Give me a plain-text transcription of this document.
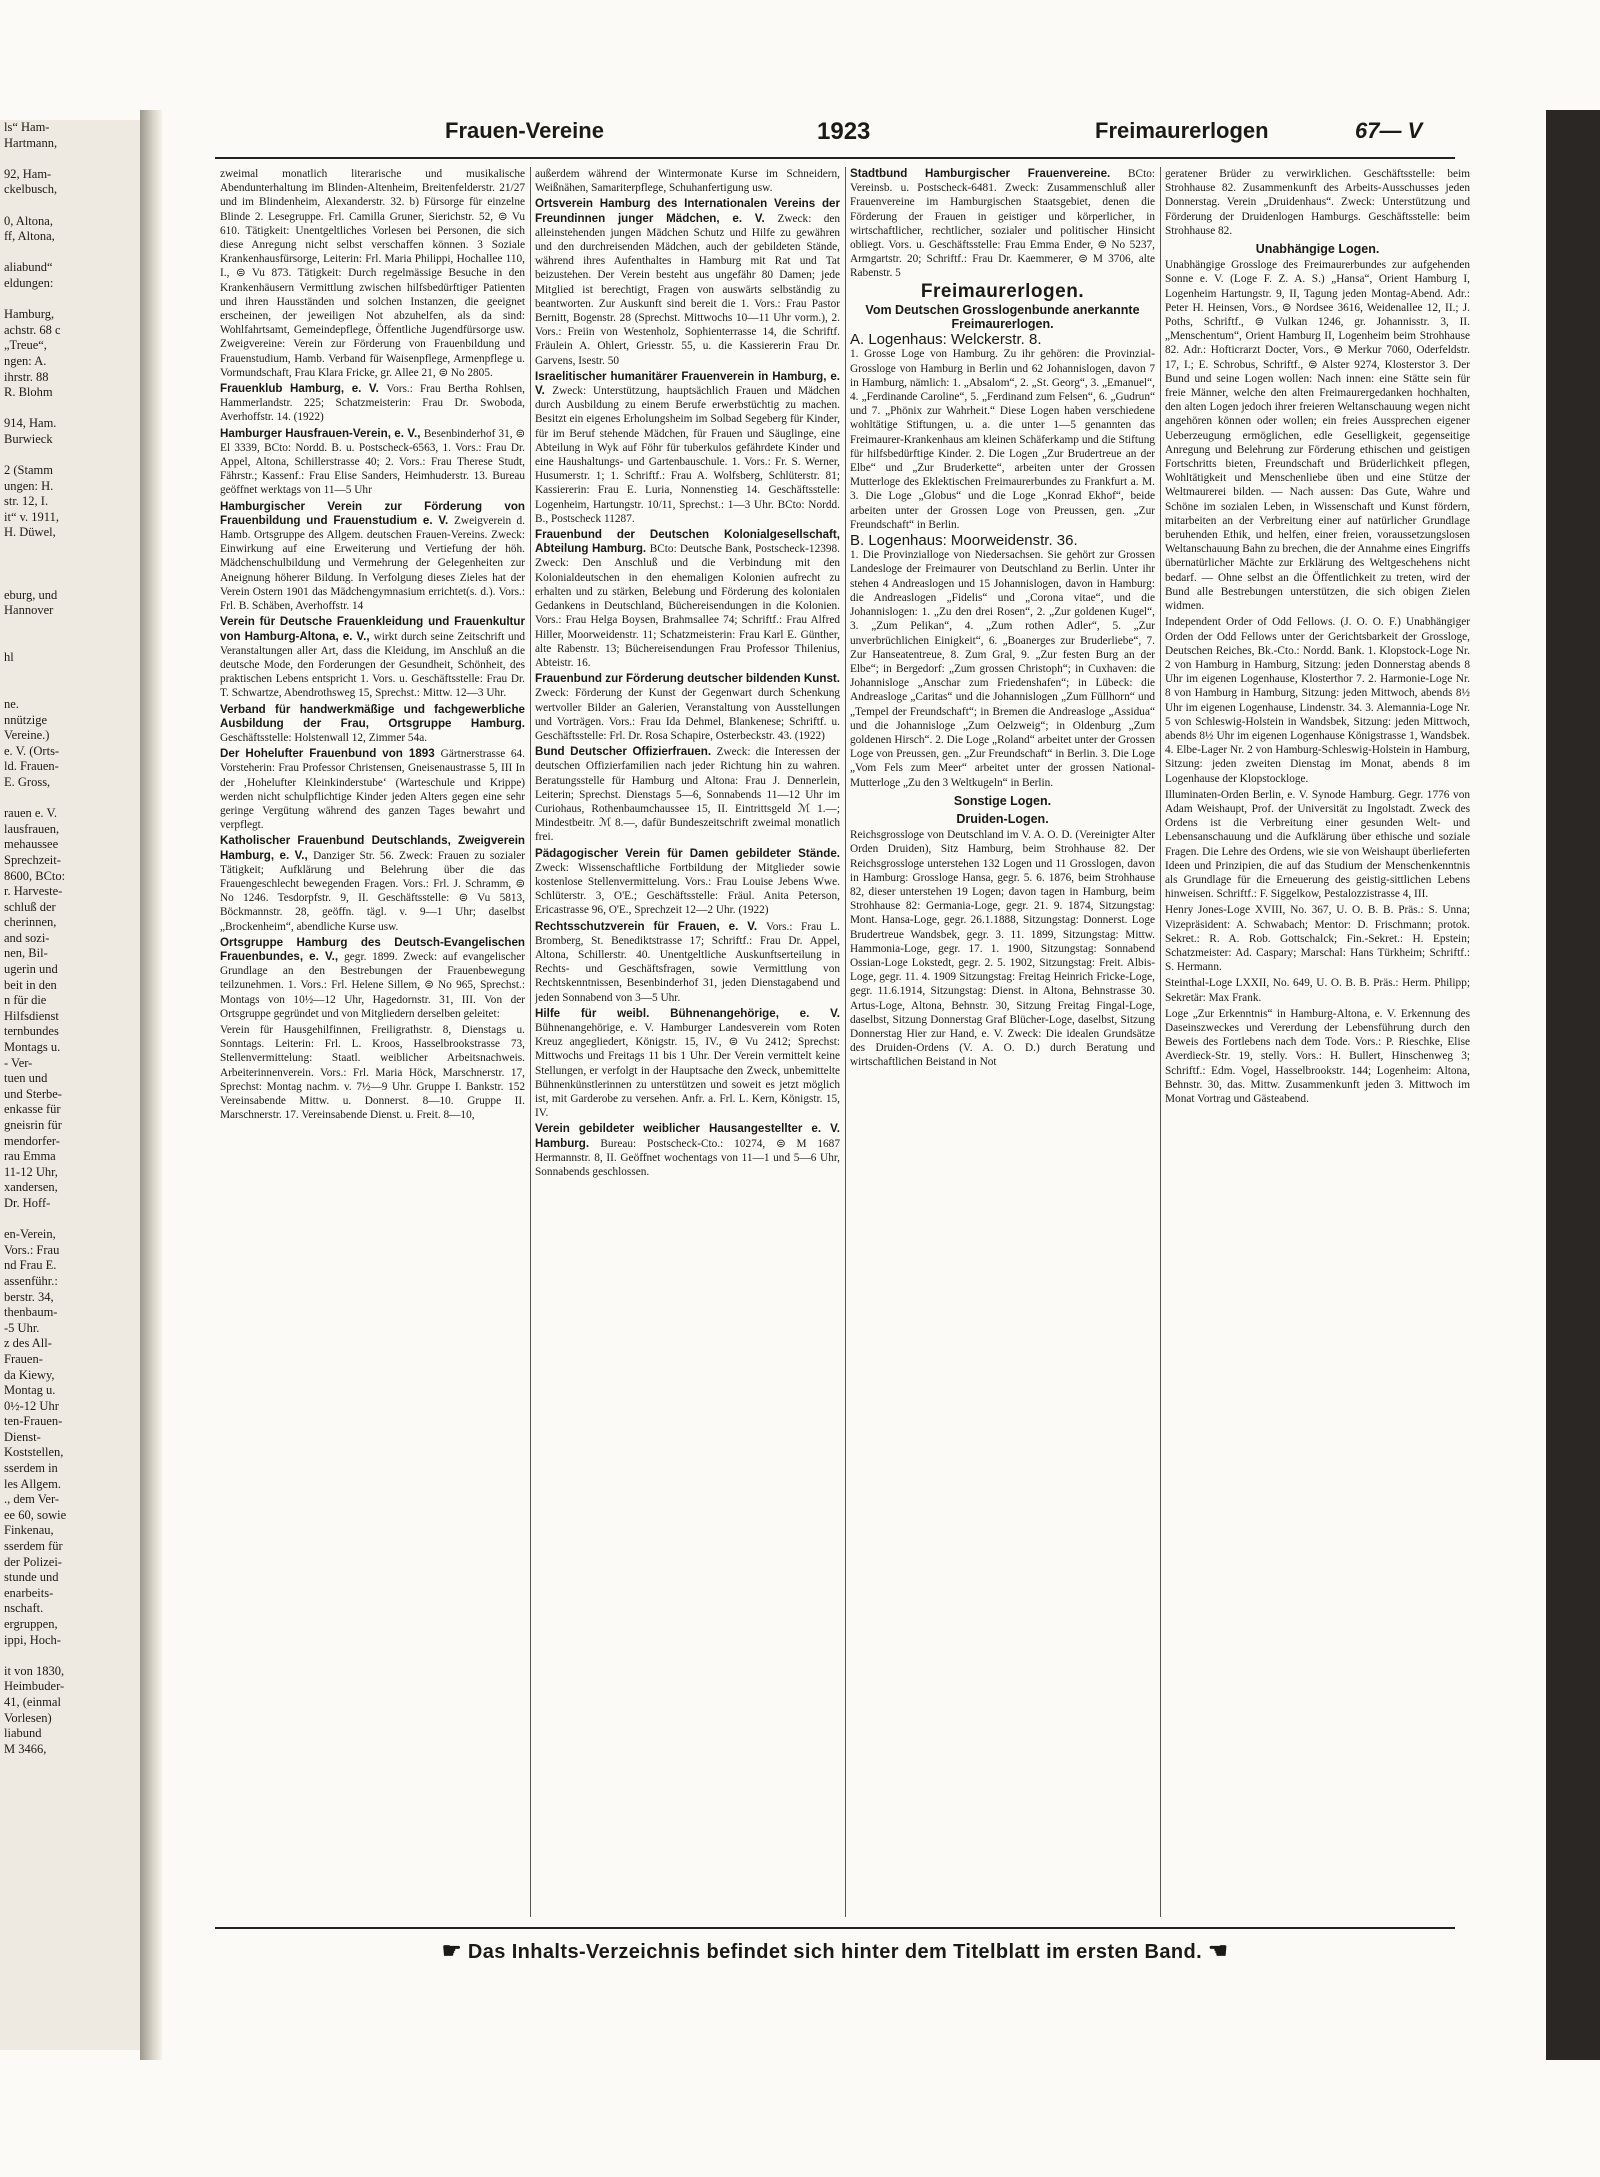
ls“ Ham-
Hartmann,

92, Ham-
ckelbusch,

0, Altona,
ff, Altona,

aliabund“
eldungen:

Hamburg,
achstr. 68 c
„Treue“,
ngen: A.
ihrstr. 88
R. Blohm

914, Ham.
Burwieck

2 (Stamm
ungen: H.
str. 12, I.
it“ v. 1911,
H. Düwel,

eburg, und
Hannover

hl

ne.
nnützige
Vereine.)
e. V. (Orts-
ld. Frauen-
E. Gross,

rauen e. V.
lausfrauen,
mehaussee
Sprechzeit-
8600, BCto:
r. Harveste-
schluß der
cherinnen,
and sozi-
nen, Bil-
ugerin und
beit in den
n für die
Hilfsdienst
ternbundes
Montags u.
- Ver-
tuen und
und Sterbe-
enkasse für
gneisrin für
mendorfer-
rau Emma
11-12 Uhr,
xandersen,
Dr. Hoff-

en-Verein,
Vors.: Frau
nd Frau E.
assenführ.:
berstr. 34,
thenbaum-
-5 Uhr.
z des All-
Frauen-
da Kiewy,
Montag u.
0½-12 Uhr
ten-Frauen-
Dienst-
Koststellen,
sserdem in
les Allgem.
., dem Ver-
ee 60, sowie
Finkenau,
sserdem für
der Polizei-
stunde und
enarbeits-
nschaft.
ergruppen,
ippi, Hoch-

it von 1830,
Heimbuder-
41, (einmal
Vorlesen)
liabund
M 3466,
Frauen-Vereine	1923	Freimaurerlogen	67— V
zweimal monatlich literarische und musikalische Abendunterhaltung im Blinden-Altenheim, Breitenfelderstr. 21/27 und im Blindenheim, Alexanderstr. 32. b) Fürsorge für einzelne Blinde 2. Lesegruppe. Frl. Camilla Gruner, Sierichstr. 52, ⊜ Vu 610. Tätigkeit: Unentgeltliches Vorlesen bei Personen, die sich diese Anregung nicht selbst verschaffen können. 3 Soziale Krankenhausfürsorge, Leiterin: Frl. Maria Philippi, Hochallee 110, I., ⊜ Vu 873. Tätigkeit: Durch regelmässige Besuche in den Krankenhäusern Vermittlung zwischen hilfsbedürftiger Patienten und ihren Hausständen und solchen Instanzen, die geeignet erscheinen, der jeweiligen Not abzuhelfen, als da sind: Wohlfahrtsamt, Gemeindepflege, Öffentliche Jugendfürsorge usw. Zweigvereine: Verein zur Förderung von Frauenbildung und Frauenstudium, Hamb. Verband für Waisenpflege, Armenpflege u. Vormundschaft, Frau Klara Fricke, gr. Allee 21, ⊜ No 2805.
Frauenklub Hamburg, e. V. Vors.: Frau Bertha Rohlsen, Hammerlandstr. 225; Schatzmeisterin: Frau Dr. Swoboda, Averhoffstr. 14. (1922)
Hamburger Hausfrauen-Verein, e. V., Besenbinderhof 31, ⊜ El 3339, BCto: Nordd. B. u. Postscheck-6563, 1. Vors.: Frau Dr. Appel, Altona, Schillerstrasse 40; 2. Vors.: Frau Therese Studt, Fährstr.; Kassenf.: Frau Elise Sanders, Heimhuderstr. 13. Bureau geöffnet werktags von 11—5 Uhr
Hamburgischer Verein zur Förderung von Frauenbildung und Frauenstudium e. V. Zweigverein d. Hamb. Ortsgruppe des Allgem. deutschen Frauen-Vereins. Zweck: Einwirkung auf eine Erweiterung und Vertiefung der höh. Mädchenschulbildung und Vermehrung der Gelegenheiten zur Aneignung höherer Bildung. In Verfolgung dieses Zieles hat der Verein Ostern 1901 das Mädchengymnasium errichtet(s. d.). Vors.: Frl. B. Schäben, Averhoffstr. 14
Verein für Deutsche Frauenkleidung und Frauenkultur von Hamburg-Altona, e. V., wirkt durch seine Zeitschrift und Veranstaltungen aller Art, dass die Kleidung, im Anschluß an die deutsche Mode, den Forderungen der Gesundheit, Schönheit, des praktischen Lebens entspricht 1. Vors. u. Geschäftsstelle: Frau Dr. T. Schwartze, Abendrothsweg 15, Sprechst.: Mittw. 12—3 Uhr.
Verband für handwerkmäßige und fachgewerbliche Ausbildung der Frau, Ortsgruppe Hamburg. Geschäftsstelle: Holstenwall 12, Zimmer 54a.
Der Hohelufter Frauenbund von 1893 Gärtnerstrasse 64. Vorsteherin: Frau Professor Christensen, Gneisenaustrasse 5, III In der ‚Hohelufter Kleinkinderstube‘ (Warteschule und Krippe) werden nicht schulpflichtige Kinder jeden Alters gegen eine sehr geringe Vergütung während des ganzen Tages bewahrt und verpflegt.
Katholischer Frauenbund Deutschlands, Zweigverein Hamburg, e. V., Danziger Str. 56. Zweck: Frauen zu sozialer Tätigkeit; Aufklärung und Belehrung über die das Frauengeschlecht bewegenden Fragen. Vors.: Frl. J. Schramm, ⊜ No 1246. Tesdorpfstr. 9, II. Geschäftsstelle: ⊜ Vu 5813, Böckmannstr. 28, geöffn. tägl. v. 9—1 Uhr; daselbst „Brockenheim“, abendliche Kurse usw.
Ortsgruppe Hamburg des Deutsch-Evangelischen Frauenbundes, e. V., gegr. 1899. Zweck: auf evangelischer Grundlage an den Bestrebungen der Frauenbewegung teilzunehmen. 1. Vors.: Frl. Helene Sillem, ⊜ No 965, Sprechst.: Montags von 10½—12 Uhr, Hagedornstr. 31, III. Von der Ortsgruppe gegründet und von Mitgliedern derselben geleitet:
Verein für Hausgehilfinnen, Freiligrathstr. 8, Dienstags u. Sonntags. Leiterin: Frl. L. Kroos, Hasselbrookstrasse 73, Stellenvermittelung: Staatl. weiblicher Arbeitsnachweis. Arbeiterinnenverein. Vors.: Frl. Maria Höck, Marschnerstr. 17, Sprechst: Montag nachm. v. 7½—9 Uhr. Gruppe I. Bankstr. 152 Vereinsabende Mittw. u. Donnerst. 8—10. Gruppe II. Marschnerstr. 17. Vereinsabende Dienst. u. Freit. 8—10,
außerdem während der Wintermonate Kurse im Schneidern, Weißnähen, Samariterpflege, Schuhanfertigung usw.
Ortsverein Hamburg des Internationalen Vereins der Freundinnen junger Mädchen, e. V. Zweck: den alleinstehenden jungen Mädchen Schutz und Hilfe zu gewähren und den durchreisenden Mädchen, auch der gebildeten Stände, während ihres Aufenthaltes in Hamburg mit Rat und Tat beizustehen. Der Verein besteht aus ungefähr 80 Damen; jede Mitglied ist berechtigt, Fragen von auswärts selbständig zu beantworten. Zur Auskunft sind bereit die 1. Vors.: Frau Pastor Bernitt, Bogenstr. 28 (Sprechst. Mittwochs 10—11 Uhr vorm.), 2. Vors.: Freiin von Westenholz, Sophienterrasse 14, die Schriftf. Fräulein A. Ohlert, Griesstr. 55, u. die Kassiererin Frau Dr. Garvens, Isestr. 50
Israelitischer humanitärer Frauenverein in Hamburg, e. V. Zweck: Unterstützung, hauptsächlich Frauen und Mädchen durch Ausbildung zu einem Berufe erwerbstüchtig zu machen. Besitzt ein eigenes Erholungsheim im Solbad Segeberg für Kinder, für im Beruf stehende Mädchen, für Frauen und Säuglinge, eine Abteilung in Wyk auf Föhr für tuberkulos gefährdete Kinder und eine Haushaltungs- und Gartenbauschule. 1. Vors.: Fr. S. Werner, Husumerstr. 1; 1. Schriftf.: Frau A. Wolfsberg, Schlüterstr. 81; Kassiererin: Frau E. Luria, Nonnenstieg 14. Geschäftsstelle: Logenheim, Hartungstr. 10/11, Sprechst.: 1—3 Uhr. BCto: Nordd. B., Postscheck 11287.
Frauenbund der Deutschen Kolonialgesellschaft, Abteilung Hamburg. BCto: Deutsche Bank, Postscheck-12398. Zweck: Den Anschluß und die Verbindung mit den Kolonialdeutschen in den ehemaligen Kolonien aufrecht zu erhalten und zu stärken, Belebung und Förderung des kolonialen Gedankens in Deutschland, Büchereisendungen in die Kolonien. Vors.: Frau Helga Boysen, Brahmsallee 74; Schriftf.: Frau Alfred Hiller, Moorweidenstr. 11; Schatzmeisterin: Frau Karl E. Günther, alte Rabenstr. 13; Büchereisendungen Frau Professor Thilenius, Abteistr. 16.
Frauenbund zur Förderung deutscher bildenden Kunst. Zweck: Förderung der Kunst der Gegenwart durch Schenkung wertvoller Bilder an Galerien, Veranstaltung von Ausstellungen und Vorträgen. Vors.: Frau Ida Dehmel, Blankenese; Schriftf. u. Geschäftsstelle: Frl. Dr. Rosa Schapire, Osterbeckstr. 43. (1922)
Bund Deutscher Offizierfrauen. Zweck: die Interessen der deutschen Offizierfamilien nach jeder Richtung hin zu wahren. Beratungsstelle für Hamburg und Altona: Frau J. Dennerlein, Leiterin; Sprechst. Dienstags 5—6, Sonnabends 11—12 Uhr im Curiohaus, Rothenbaumchaussee 15, II. Eintrittsgeld ℳ 1.—; Mindestbeitr. ℳ 8.—, dafür Bundeszeitschrift zweimal monatlich frei.
Pädagogischer Verein für Damen gebildeter Stände. Zweck: Wissenschaftliche Fortbildung der Mitglieder sowie kostenlose Stellenvermittelung. Vors.: Frau Louise Jebens Wwe. Schlüterstr. 3, O'E.; Geschäftsstelle: Fräul. Anita Peterson, Ericastrasse 96, O'E., Sprechzeit 12—2 Uhr. (1922)
Rechtsschutzverein für Frauen, e. V. Vors.: Frau L. Bromberg, St. Benediktstrasse 17; Schriftf.: Frau Dr. Appel, Altona, Schillerstr. 40. Unentgeltliche Auskunftserteilung in Rechts- und Geschäftsfragen, sowie Vermittlung von Rechtskenntnissen, Besenbinderhof 31, jeden Dienstagabend und jeden Sonnabend von 3—5 Uhr.
Hilfe für weibl. Bühnenangehörige, e. V. Bühnenangehörige, e. V. Hamburger Landesverein vom Roten Kreuz angegliedert, Königstr. 15, IV., ⊜ Vu 2412; Sprechst: Mittwochs und Freitags 11 bis 1 Uhr. Der Verein vermittelt keine Stellungen, er verfolgt in der Hauptsache den Zweck, unbemittelte Bühnenkünstlerinnen zu unterstützen und soweit es jetzt möglich ist, mit Garderobe zu versehen. Anfr. a. Frl. L. Kern, Königstr. 15, IV.
Verein gebildeter weiblicher Hausangestellter e. V. Hamburg. Bureau: Postscheck-Cto.: 10274, ⊜ M 1687 Hermannstr. 8, II. Geöffnet wochentags von 11—1 und 5—6 Uhr, Sonnabends geschlossen.
Stadtbund Hamburgischer Frauenvereine. BCto: Vereinsb. u. Postscheck-6481. Zweck: Zusammenschluß aller Frauenvereine im Hamburgischen Staatsgebiet, denen die Förderung der Frauen in geistiger und körperlicher, in wirtschaftlicher, rechtlicher, sozialer und politischer Hinsicht obliegt. Vors. u. Geschäftsstelle: Frau Emma Ender, ⊜ No 5237, Armgartstr. 20; Schriftf.: Frau Dr. Kaemmerer, ⊜ M 3706, alte Rabenstr. 5
Freimaurerlogen.
Vom Deutschen Grosslogenbunde anerkannte Freimaurerlogen.
A. Logenhaus: Welckerstr. 8.
1. Grosse Loge von Hamburg. Zu ihr gehören: die Provinzial-Grossloge von Hamburg in Berlin und 62 Johannislogen, davon 7 in Hamburg, nämlich: 1. „Absalom“, 2. „St. Georg“, 3. „Emanuel“, 4. „Ferdinande Caroline“, 5. „Ferdinand zum Felsen“, 6. „Gudrun“ und 7. „Phönix zur Wahrheit.“ Diese Logen haben verschiedene wohltätige Stiftungen, u. a. die unter 1—5 genannten das Freimaurer-Krankenhaus am kleinen Schäferkamp und die Stiftung für hilfsbedürftige Kinder. 2. Die Logen „Zur Brudertreue an der Elbe“ und „Zur Bruderkette“, arbeiten unter der Grossen Mutterloge des Eklektischen Freimaurerbundes zu Frankfurt a. M. 3. Die Loge „Globus“ und die Loge „Konrad Ekhof“, beide arbeiten unter der Grossen Loge von Preussen, gen. „Zur Freundschaft“ in Berlin.
B. Logenhaus: Moorweidenstr. 36.
1. Die Provinzialloge von Niedersachsen. Sie gehört zur Grossen Landesloge der Freimaurer von Deutschland zu Berlin. Unter ihr stehen 4 Andreaslogen und 15 Johannislogen, davon in Hamburg: die Andreaslogen „Fidelis“ und „Corona vitae“, und die Johannislogen: 1. „Zu den drei Rosen“, 2. „Zur goldenen Kugel“, 3. „Zum Pelikan“, 4. „Zum rothen Adler“, 5. „Zur unverbrüchlichen Einigkeit“, 6. „Boanerges zur Bruderliebe“, 7. Zur Hanseatentreue, 8. Zum Gral, 9. „Zur festen Burg an der Elbe“; in Bergedorf: „Zum grossen Christoph“; in Cuxhaven: die Johannisloge „Anschar zum Friedenshafen“; in Lübeck: die Andreasloge „Caritas“ und die Johannislogen „Zum Füllhorn“ und „Tempel der Freundschaft“; in Bremen die Andreasloge „Assidua“ und die Johannisloge „Zum Oelzweig“; in Oldenburg „Zum goldenen Hirsch“. 2. Die Loge „Roland“ arbeitet unter der Grossen Loge von Preussen, gen. „Zur Freundschaft“ in Berlin. 3. Die Loge „Vom Fels zum Meer“ arbeitet unter der grossen National-Mutterloge „Zu den 3 Weltkugeln“ in Berlin.
Sonstige Logen.
Druiden-Logen.
Reichsgrossloge von Deutschland im V. A. O. D. (Vereinigter Alter Orden Druiden), Sitz Hamburg, beim Strohhause 82. Der Reichsgrossloge unterstehen 132 Logen und 11 Grosslogen, davon in Hamburg: Grossloge Hansa, gegr. 5. 6. 1876, beim Strohhause 82, dieser unterstehen 19 Logen; davon tagen in Hamburg, beim Strohhause 82: Germania-Loge, gegr. 21. 9. 1874, Sitzungstag: Mont. Hansa-Loge, gegr. 26.1.1888, Sitzungstag: Donnerst. Loge Brudertreue Wandsbek, gegr. 3. 11. 1899, Sitzungstag: Mittw. Hammonia-Loge, gegr. 17. 1. 1900, Sitzungstag: Sonnabend Ossian-Loge Lokstedt, gegr. 2. 5. 1902, Sitzungstag: Freit. Albis-Loge, gegr. 11. 4. 1909 Sitzungstag: Freitag Heinrich Fricke-Loge, gegr. 11.6.1914, Sitzungstag: Dienst. in Altona, Behnstrasse 30. Artus-Loge, Altona, Behnstr. 30, Sitzung Freitag Fingal-Loge, daselbst, Sitzung Donnerstag Graf Blücher-Loge, daselbst, Sitzung Donnerstag Hier zur Hand, e. V. Zweck: Die idealen Grundsätze des Druiden-Ordens (V. A. O. D.) durch Beratung und wirtschaftlichen Beistand in Not
geratener Brüder zu verwirklichen. Geschäftsstelle: beim Strohhause 82. Zusammenkunft des Arbeits-Ausschusses jeden Donnerstag. Verein „Druidenhaus“. Zweck: Unterstützung und Förderung der Druidenlogen Hamburgs. Geschäftsstelle: beim Strohhause 82.
Unabhängige Logen.
Unabhängige Grossloge des Freimaurerbundes zur aufgehenden Sonne e. V. (Loge F. Z. A. S.) „Hansa“, Orient Hamburg I, Logenheim Hartungstr. 9, II, Tagung jeden Montag-Abend. Adr.: Peter H. Heinsen, Vors., ⊜ Nordsee 3616, Weidenallee 12, II.; J. Poths, Schriftf., ⊜ Vulkan 1246, gr. Johannisstr. 3, II. „Menschentum“, Orient Hamburg II, Logenheim beim Strohhause 82. Adr.: Hofticrarzt Docter, Vors., ⊜ Merkur 7060, Oderfeldstr. 17, I.; E. Schrobus, Schriftf., ⊜ Alster 9274, Klosterstor 3. Der Bund und seine Logen wollen: Nach innen: eine Stätte sein für freie Männer, welche den alten Freimaurergedanken hochhalten, den alten Logen jedoch ihrer freieren Weltanschauung wegen nicht angehören können oder wollen; ein freies Aussprechen eigener Ueberzeugung ermöglichen, edle Geselligkeit, gegenseitige Anregung und Belehrung zur Förderung ethischen und geistigen Fortschritts bieten, Freundschaft und Brüderlichkeit pflegen, Wohltätigkeit und Menschenliebe üben und eine Stütze der Weltmaurerei bilden. — Nach aussen: Das Gute, Wahre und Schöne im sozialen Leben, in Wissenschaft und Kunst fördern, mitarbeiten an der Verbreitung einer auf natürlicher Grundlage beruhenden Ethik, und helfen, einer freien, voraussetzungslosen Weltanschauung Bahn zu brechen, die der Annahme eines Eingriffs übernatürlicher Mächte zur Erklärung des Weltgeschehens nicht bedarf. — Ohne selbst an die Öffentlichkeit zu treten, wird der Bund alle Bestrebungen unterstützen, die sich obigen Zielen widmen.
Independent Order of Odd Fellows. (J. O. O. F.) Unabhängiger Orden der Odd Fellows unter der Gerichtsbarkeit der Grossloge, Deutschen Reiches, Bk.-Cto.: Nordd. Bank. 1. Klopstock-Loge Nr. 2 von Hamburg in Hamburg, Sitzung: jeden Donnerstag abends 8 Uhr im eigenen Logenhause, Klosterthor 7. 2. Harmonie-Loge Nr. 8 von Hamburg in Hamburg, Sitzung: jeden Mittwoch, abends 8½ Uhr im eigenen Logenhause, Lindenstr. 34. 3. Alemannia-Loge Nr. 5 von Schleswig-Holstein in Wandsbek, Sitzung: jeden Mittwoch, abends 8½ Uhr im eigenen Logenhause Königstrasse 1, Wandsbek. 4. Elbe-Lager Nr. 2 von Hamburg-Schleswig-Holstein in Hamburg, Sitzung: jeden zweiten Dienstag im Monat, abends 8 im Logenhause der Klopstockloge.
Illuminaten-Orden Berlin, e. V. Synode Hamburg. Gegr. 1776 von Adam Weishaupt, Prof. der Universität zu Ingolstadt. Zweck des Ordens ist die Verbreitung einer gesunden Welt- und Lebensanschauung und die Aufklärung über ethische und soziale Fragen. Die Lehre des Ordens, wie sie von Weishaupt überlieferten Ideen und Prinzipien, die auf das Studium der Menschenkenntnis als Grundlage für die Erneuerung des geistig-sittlichen Lebens hinweisen. Schriftf.: F. Siggelkow, Pestalozzistrasse 4, III.
Henry Jones-Loge XVIII, No. 367, U. O. B. B. Präs.: S. Unna; Vizepräsident: A. Schwabach; Mentor: D. Frischmann; protok. Sekret.: R. A. Rob. Gottschalck; Fin.-Sekret.: H. Epstein; Schatzmeister: Ad. Caspary; Marschal: Hans Türkheim; Schriftf.: S. Hermann.
Steinthal-Loge LXXII, No. 649, U. O. B. B. Präs.: Herm. Philipp; Sekretär: Max Frank.
Loge „Zur Erkenntnis“ in Hamburg-Altona, e. V. Erkennung des Daseinszweckes und Vererdung der Lebensführung durch den Beweis des Fortlebens nach dem Tode. Vors.: P. Rieschke, Elise Averdieck-Str. 19, stelly. Vors.: H. Bullert, Hinschenweg 3; Schriftf.: Edm. Vogel, Hasselbrookstr. 144; Logenheim: Altona, Behnstr. 30, das. Mittw. Zusammenkunft jeden 3. Mittwoch im Monat Vortrag und Gästeabend.
☛ Das Inhalts-Verzeichnis befindet sich hinter dem Titelblatt im ersten Band. ☚
